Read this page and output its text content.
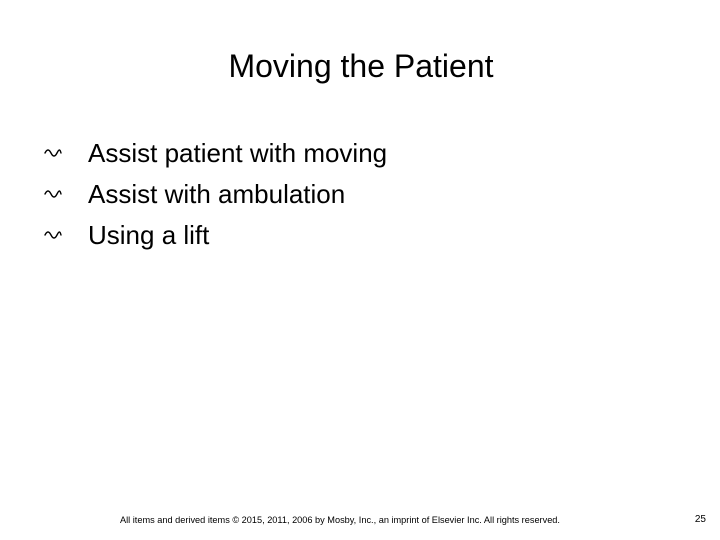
Moving the Patient
Assist patient with moving
Assist with ambulation
Using a lift
All items and derived items © 2015, 2011, 2006 by Mosby, Inc., an imprint of Elsevier Inc. All rights reserved.	25
